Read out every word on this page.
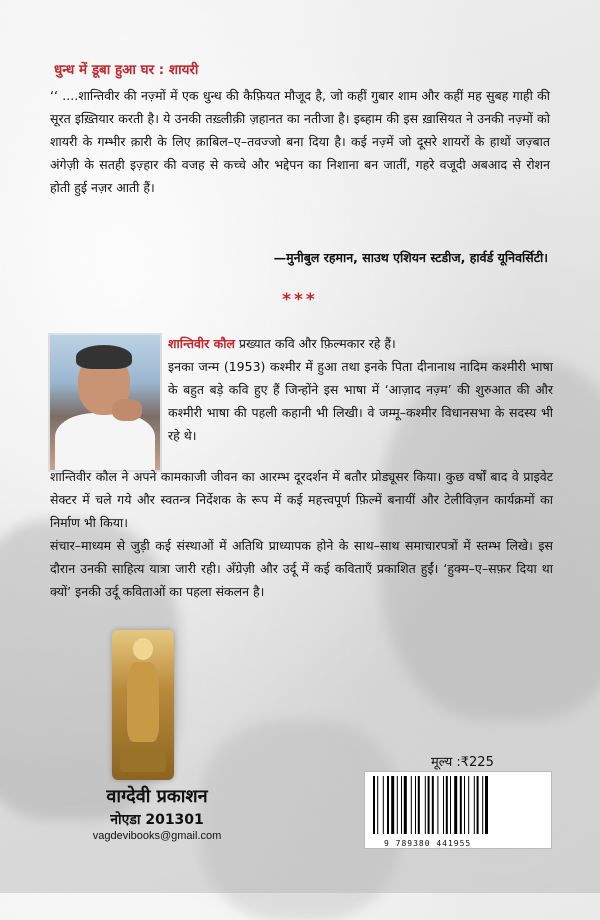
धुन्ध में डूबा हुआ घर : शायरी
‘‘ ....शान्तिवीर की नज़्मों में एक धुन्ध की कैफ़ियत मौजूद है, जो कहीं गुबार शाम और कहीं मह सुबह गाही की सूरत इख़्तियार करती है। ये उनकी तख़्लीक़ी ज़हानत का नतीजा है। इब्हाम की इस ख़ासियत ने उनकी नज़्मों को शायरी के गम्भीर क़ारी के लिए क़ाबिल–ए–तवज्जो बना दिया है। कई नज़्में जो दूसरे शायरों के हाथों जज़्बात अंगेज़ी के सतही इज़्हार की वजह से कच्चे और भद्देपन का निशाना बन जातीं, गहरे वजूदी अबआद से रोशन होती हुई नज़र आती हैं।
—मुनीबुल रहमान, साउथ एशियन स्टडीज, हार्वर्ड यूनिवर्सिटी।
***
शान्तिवीर कौल प्रख्यात कवि और फ़िल्मकार रहे हैं।
इनका जन्म (1953) कश्मीर में हुआ तथा इनके पिता दीनानाथ नादिम कश्मीरी भाषा के बहुत बड़े कवि हुए हैं जिन्होंने इस भाषा में ‘आज़ाद नज़्म’ की शुरुआत की और कश्मीरी भाषा की पहली कहानी भी लिखी। वे जम्मू–कश्मीर विधानसभा के सदस्य भी रहे थे।

शान्तिवीर कौल ने अपने कामकाजी जीवन का आरम्भ दूरदर्शन में बतौर प्रोड्यूसर किया। कुछ वर्षों बाद वे प्राइवेट सेक्टर में चले गये और स्वतन्त्र निर्देशक के रूप में कई महत्त्वपूर्ण फ़िल्में बनायीं और टेलीविज़न कार्यक्रमों का निर्माण भी किया।

संचार–माध्यम से जुड़ी कई संस्थाओं में अतिथि प्राध्यापक होने के साथ–साथ समाचारपत्रों में स्तम्भ लिखे। इस दौरान उनकी साहित्य यात्रा जारी रही। अँग्रेज़ी और उर्दू में कई कविताएँ प्रकाशित हुईं। ‘हुक्म–ए–सफ़र दिया था क्यों’ इनकी उर्दू कविताओं का पहला संकलन है।

वाग्देवी प्रकाशन
नोएडा 201301
vagdevibooks@gmail.com
मूल्य :₹225
9 789380 441955
